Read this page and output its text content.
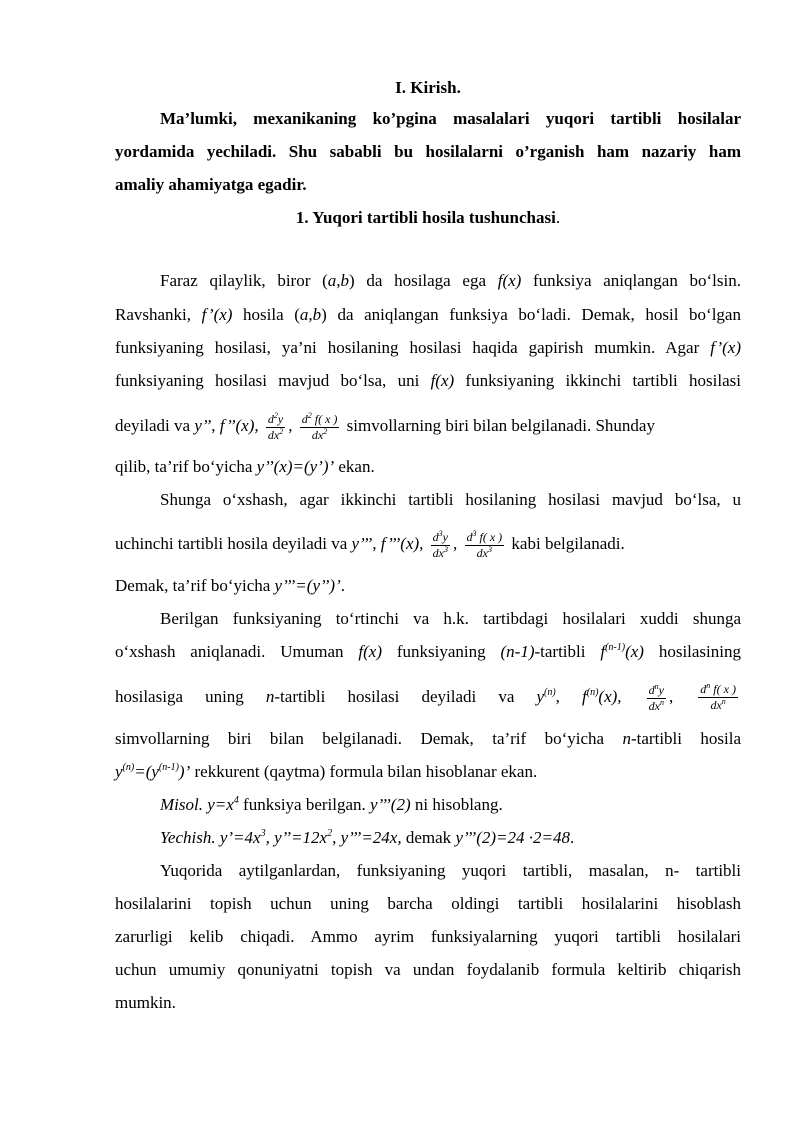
I. Kirish.
Ma’lumki, mexanikaning ko’pgina masalalari yuqori tartibli hosilalar
yordamida yechiladi. Shu sababli bu hosilalarni o’rganish ham nazariy ham
amaliy ahamiyatga egadir.
1. Yuqori tartibli hosila tushunchasi.
Faraz qilaylik, biror (a,b) da hosilaga ega f(x) funksiya aniqlangan bo‘lsin.
Ravshanki, f’(x) hosila (a,b) da aniqlangan funksiya bo‘ladi. Demak, hosil bo‘lgan
funksiyaning hosilasi, ya’ni hosilaning hosilasi haqida gapirish mumkin. Agar f’(x)
funksiyaning hosilasi mavjud bo‘lsa, uni f(x) funksiyaning ikkinchi tartibli hosilasi
deyiladi va y’’, f’’(x), $\frac{d^2y}{dx^2}$ , $\frac{d^2 f( x )}{dx^2}$ simvollarning biri bilan belgilanadi. Shunday
qilib, ta’rif bo‘yicha y’’(x)=(y’)’ ekan.
Shunga o‘xshash, agar ikkinchi tartibli hosilaning hosilasi mavjud bo‘lsa, u
uchinchi tartibli hosila deyiladi va y’’’, f’’’(x), $\frac{d^3y}{dx^3}$ , $\frac{d^3 f( x )}{dx^3}$ kabi belgilanadi.
Demak, ta’rif bo‘yicha y’’’=(y’’)’.
Berilgan funksiyaning to‘rtinchi va h.k. tartibdagi hosilalari xuddi shunga
o‘xshash aniqlanadi. Umuman f(x) funksiyaning (n-1)-tartibli $f^{(n-1)}(x)$ hosilasining
hosilasiga uning n-tartibli hosilasi deyiladi va $y^{(n)}$, $f^{(n)}(x)$, $\frac{d^ny}{dx^n}$ , $\frac{d^n f( x )}{dx^n}$
simvollarning biri bilan belgilanadi. Demak, ta’rif bo‘yicha n-tartibli hosila
$y^{(n)}=(y^{(n-1)})$’ rekkurent (qaytma) formula bilan hisoblanar ekan.
Misol. $y=x^4$ funksiya berilgan. y’’’(2) ni hisoblang.
Yechish. $y’=4x^3$, $y’’=12x^2$, y’’’=24x, demak y’’’(2)=24 ·2=48.
Yuqorida aytilganlardan, funksiyaning yuqori tartibli, masalan, n- tartibli
hosilalarini topish uchun uning barcha oldingi tartibli hosilalarini hisoblash
zarurligi kelib chiqadi. Ammo ayrim funksiyalarning yuqori tartibli hosilalari
uchun umumiy qonuniyatni topish va undan foydalanib formula keltirib chiqarish
mumkin.
